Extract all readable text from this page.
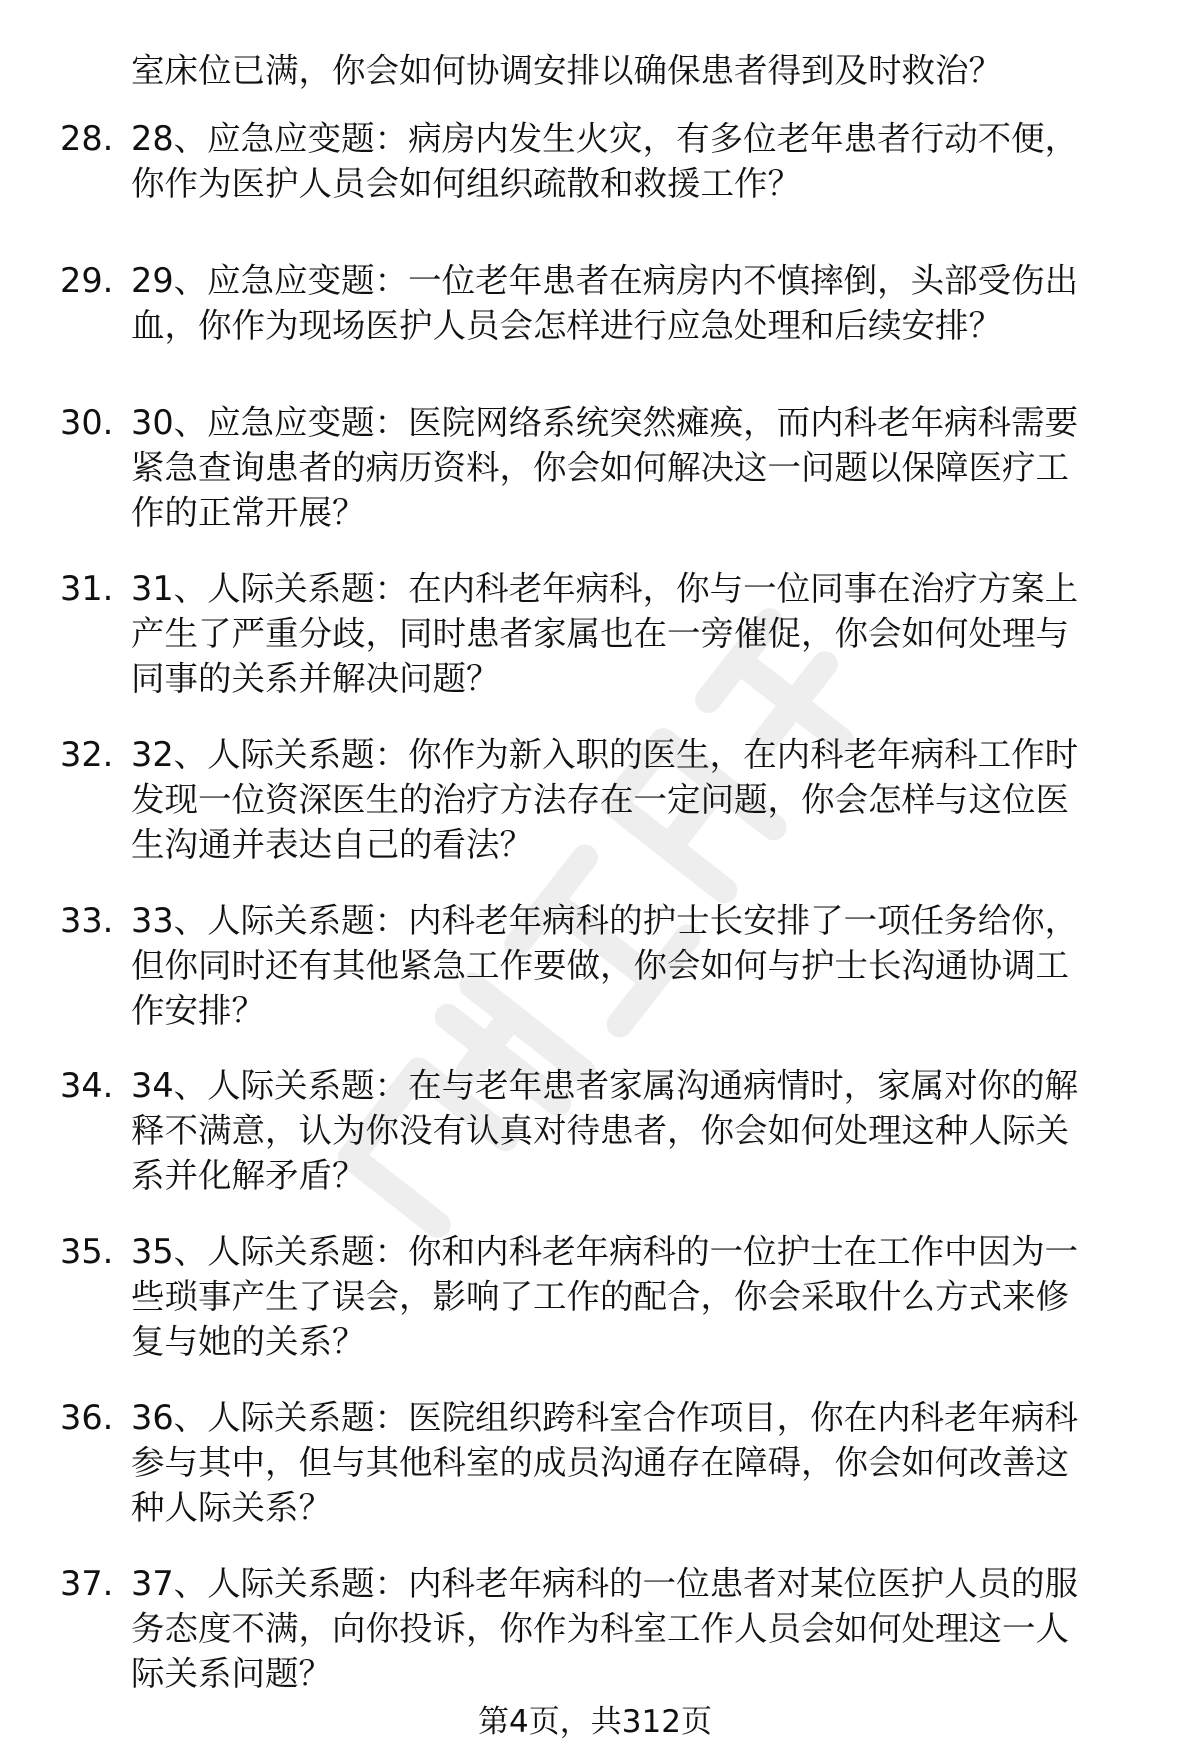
室床位已满，你会如何协调安排以确保患者得到及时救治？
28. 28、应急应变题：病房内发生火灾，有多位老年患者行动不便，
你作为医护人员会如何组织疏散和救援工作？
29. 29、应急应变题：一位老年患者在病房内不慎摔倒，头部受伤出
血，你作为现场医护人员会怎样进行应急处理和后续安排？
30. 30、应急应变题：医院网络系统突然瘫痪，而内科老年病科需要
紧急查询患者的病历资料，你会如何解决这一问题以保障医疗工
作的正常开展？
31. 31、人际关系题：在内科老年病科，你与一位同事在治疗方案上
产生了严重分歧，同时患者家属也在一旁催促，你会如何处理与
同事的关系并解决问题？
32. 32、人际关系题：你作为新入职的医生，在内科老年病科工作时
发现一位资深医生的治疗方法存在一定问题，你会怎样与这位医
生沟通并表达自己的看法？
33. 33、人际关系题：内科老年病科的护士长安排了一项任务给你，
但你同时还有其他紧急工作要做，你会如何与护士长沟通协调工
作安排？
34. 34、人际关系题：在与老年患者家属沟通病情时，家属对你的解
释不满意，认为你没有认真对待患者，你会如何处理这种人际关
系并化解矛盾？
35. 35、人际关系题：你和内科老年病科的一位护士在工作中因为一
些琐事产生了误会，影响了工作的配合，你会采取什么方式来修
复与她的关系？
36. 36、人际关系题：医院组织跨科室合作项目，你在内科老年病科
参与其中，但与其他科室的成员沟通存在障碍，你会如何改善这
种人际关系？
37. 37、人际关系题：内科老年病科的一位患者对某位医护人员的服
务态度不满，向你投诉，你作为科室工作人员会如何处理这一人
际关系问题？
第4页，共312页
